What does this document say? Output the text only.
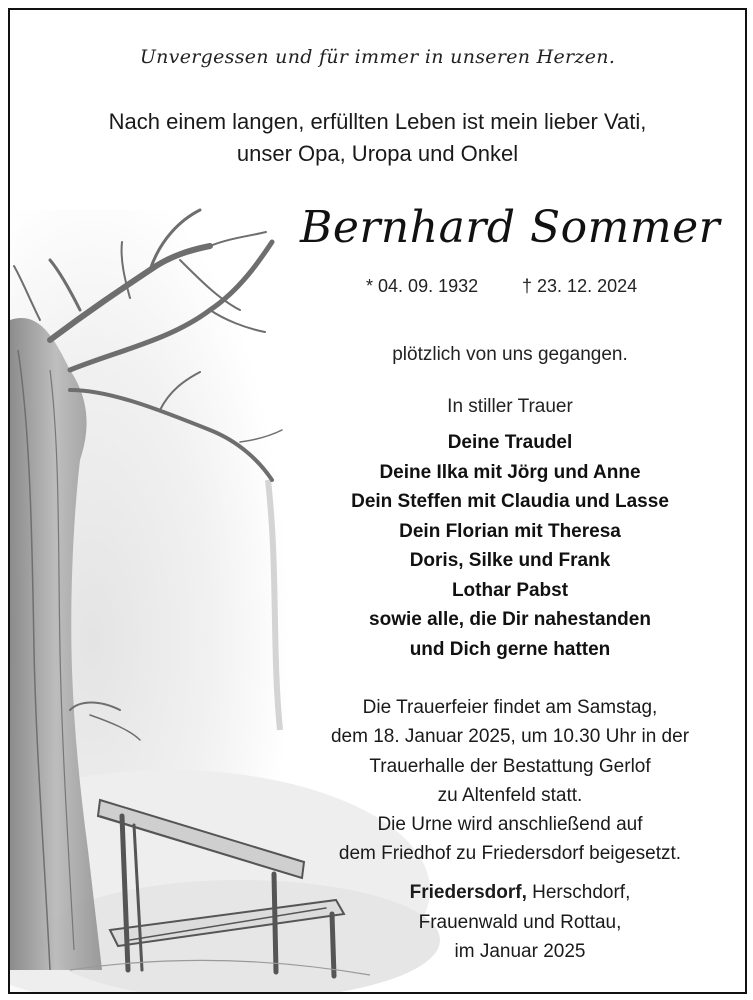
Unvergessen und für immer in unseren Herzen.
Nach einem langen, erfüllten Leben ist mein lieber Vati,
unser Opa, Uropa und Onkel
Bernhard Sommer
* 04. 09. 1932 † 23. 12. 2024
plötzlich von uns gegangen.
In stiller Trauer
Deine Traudel
Deine Ilka mit Jörg und Anne
Dein Steffen mit Claudia und Lasse
Dein Florian mit Theresa
Doris, Silke und Frank
Lothar Pabst
sowie alle, die Dir nahestanden
und Dich gerne hatten
Die Trauerfeier findet am Samstag,
dem 18. Januar 2025, um 10.30 Uhr in der
Trauerhalle der Bestattung Gerlof
zu Altenfeld statt.
Die Urne wird anschließend auf
dem Friedhof zu Friedersdorf beigesetzt.
Friedersdorf, Herschdorf,
Frauenwald und Rottau,
im Januar 2025
